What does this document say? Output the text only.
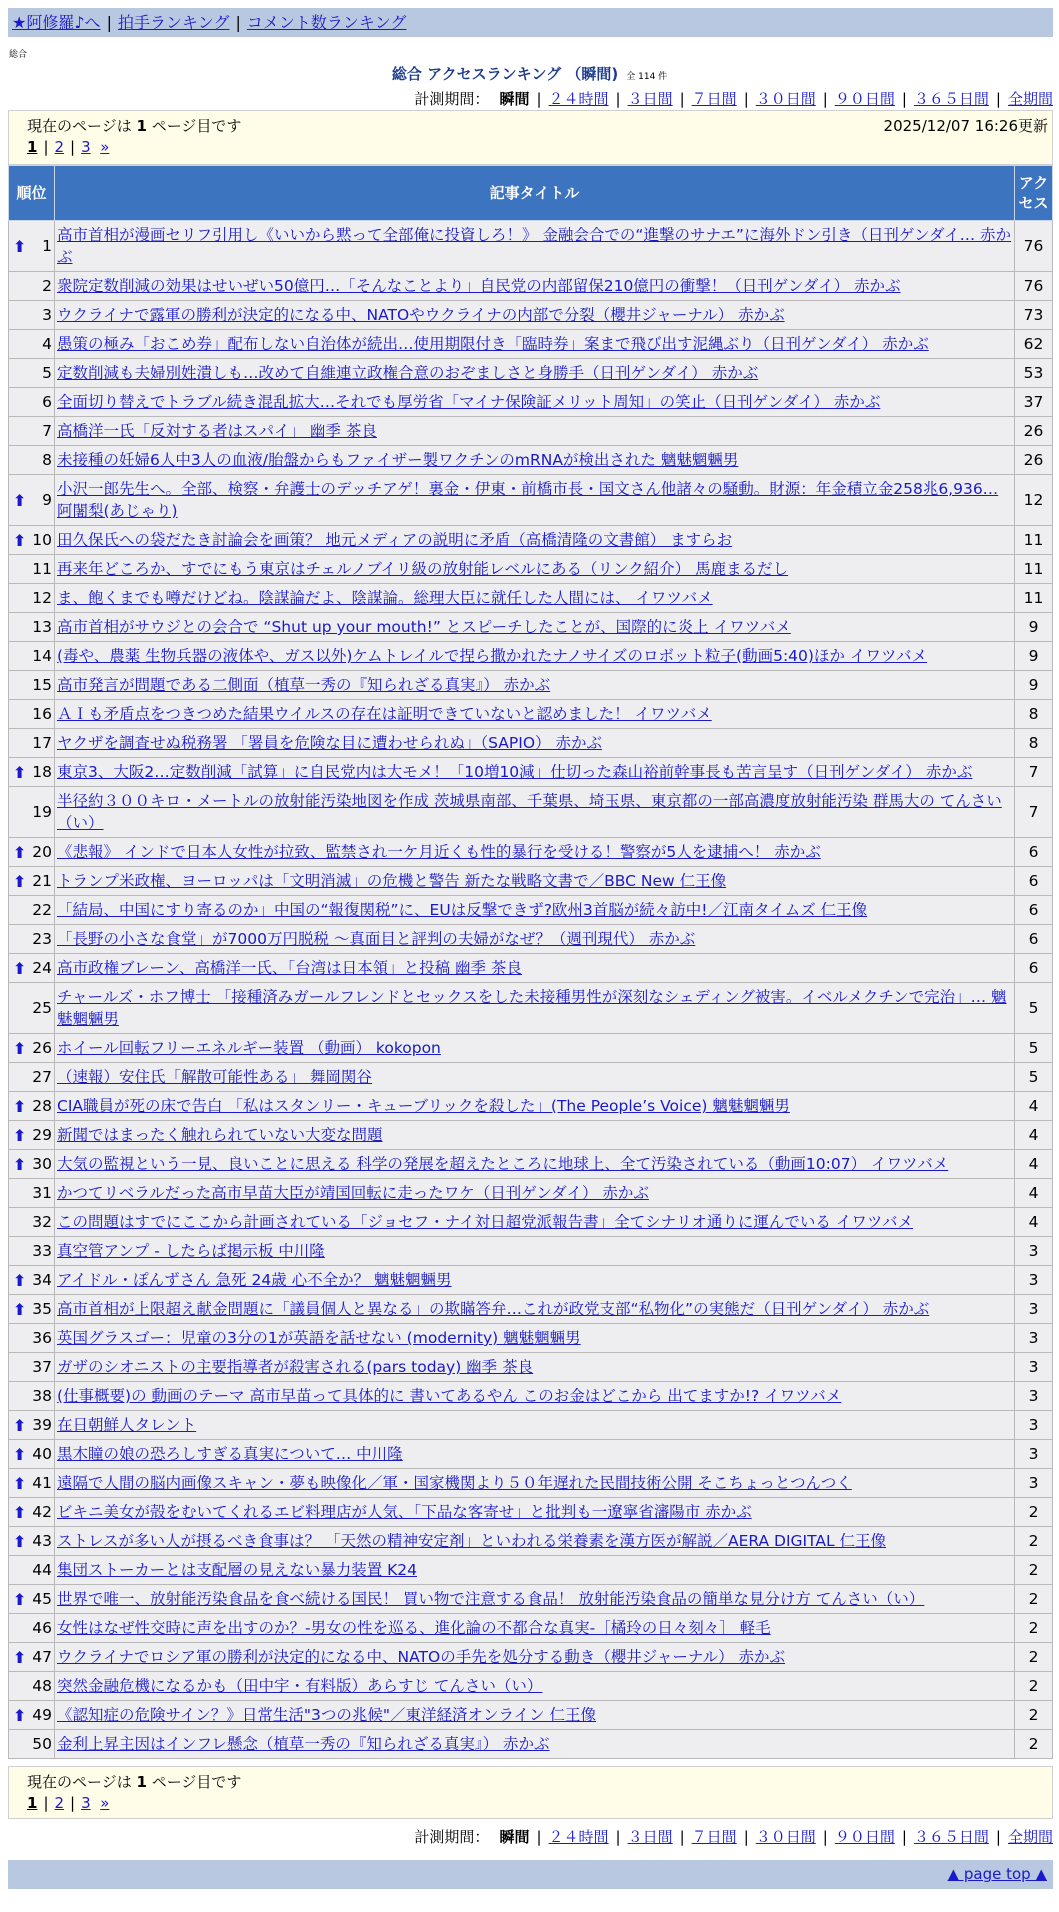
★阿修羅♪へ | 拍手ランキング | コメント数ランキング
総合
総合 アクセスランキング （瞬間) 全 114 件
計測期間： 瞬間 | ２４時間 | ３日間 | ７日間 | ３０日間 | ９０日間 | ３６５日間 | 全期間
現在のページは 1 ページ目です	2025/12/07 16:26更新
1 | 2 | 3 »
順位	記事タイトル	アクセス

⬆ 1	高市首相が漫画セリフ引用し《いいから黙って全部俺に投資しろ！》 金融会合での“進撃のサナエ”に海外ドン引き（日刊ゲンダイ… 赤かぶ	76
2	衆院定数削減の効果はせいぜい50億円…「そんなことより」自民党の内部留保210億円の衝撃！（日刊ゲンダイ） 赤かぶ	76
3	ウクライナで露軍の勝利が決定的になる中、NATOやウクライナの内部で分裂（櫻井ジャーナル） 赤かぶ	73
4	愚策の極み「おこめ券」配布しない自治体が続出…使用期限付き「臨時券」案まで飛び出す泥縄ぶり（日刊ゲンダイ） 赤かぶ	62
5	定数削減も夫婦別姓潰しも…改めて自維連立政権合意のおぞましさと身勝手（日刊ゲンダイ） 赤かぶ	53
6	全面切り替えでトラブル続き混乱拡大…それでも厚労省「マイナ保険証メリット周知」の笑止（日刊ゲンダイ） 赤かぶ	37
7	高橋洋一氏「反対する者はスパイ」 幽季 茶良	26
8	未接種の妊婦6人中3人の血液/胎盤からもファイザー製ワクチンのmRNAが検出された 魑魅魍魎男	26

⬆ 9	小沢一郎先生へ。全部、検察・弁護士のデッチアゲ！裏金・伊東・前橋市長・国文さん他諸々の騒動。財源：年金積立金258兆6,936… 阿闍梨(あじゃり)	12

⬆ 10	田久保氏への袋だたき討論会を画策？ 地元メディアの説明に矛盾（高橋清隆の文書館） ますらお	11
11	再来年どころか、すでにもう東京はチェルノブイリ級の放射能レベルにある（リンク紹介） 馬鹿まるだし	11
12	ま、飽くまでも噂だけどね。陰謀論だよ、陰謀論。総理大臣に就任した人間には、 イワツバメ	11
13	高市首相がサウジとの会合で “Shut up your mouth!” とスピーチしたことが、国際的に炎上 イワツバメ	9
14	(毒や、農薬 生物兵器の液体や、ガス以外)ケムトレイルで捏ら撒かれたナノサイズのロボット粒子(動画5:40)ほか イワツバメ	9
15	高市発言が問題である二側面（植草一秀の『知られざる真実』） 赤かぶ	9
16	ＡＩも矛盾点をつきつめた結果ウイルスの存在は証明できていないと認めました！ イワツバメ	8
17	ヤクザを調査せぬ税務署 「署員を危険な目に遭わせられぬ」（SAPIO） 赤かぶ	8

⬆ 18	東京3、大阪2…定数削減「試算」に自民党内は大モメ！「10増10減」仕切った森山裕前幹事長も苦言呈す（日刊ゲンダイ） 赤かぶ	7
19	半径約３００キロ・メートルの放射能汚染地図を作成 茨城県南部、千葉県、埼玉県、東京都の一部高濃度放射能汚染 群馬大の てんさい（い）	7

⬆ 20	《悲報》 インドで日本人女性が拉致、監禁され一ケ月近くも性的暴行を受ける！警察が5人を逮捕へ！ 赤かぶ	6

⬆ 21	トランプ米政権、ヨーロッパは「文明消滅」の危機と警告 新たな戦略文書で／BBC New 仁王像	6
22	「結局、中国にすり寄るのか」中国の“報復関税”に、EUは反撃できず?欧州3首脳が続々訪中!／江南タイムズ 仁王像	6
23	「長野の小さな食堂」が7000万円脱税 ～真面目と評判の夫婦がなぜ？（週刊現代） 赤かぶ	6

⬆ 24	高市政権ブレーン、高橋洋一氏、「台湾は日本領」と投稿 幽季 茶良	6
25	チャールズ・ホフ博士 「接種済みガールフレンドとセックスをした未接種男性が深刻なシェディング被害。イベルメクチンで完治」… 魑魅魍魎男	5

⬆ 26	ホイール回転フリーエネルギー装置 （動画） kokopon	5
27	（速報）安住氏「解散可能性ある」 舞岡関谷	5

⬆ 28	CIA職員が死の床で告白 「私はスタンリー・キューブリックを殺した」(The People’s Voice) 魑魅魍魎男	4

⬆ 29	新聞ではまったく触れられていない大変な問題	4

⬆ 30	大気の監視という一見、良いことに思える 科学の発展を超えたところに地球上、全て汚染されている（動画10:07） イワツバメ	4
31	かつてリベラルだった高市早苗大臣が靖国回転に走ったワケ（日刊ゲンダイ） 赤かぶ	4
32	この問題はすでにここから計画されている「ジョセフ・ナイ対日超党派報告書」全てシナリオ通りに運んでいる イワツバメ	4
33	真空管アンプ - したらば掲示板 中川隆	3

⬆ 34	アイドル・ぽんずさん 急死 24歳 心不全か？ 魑魅魍魎男	3

⬆ 35	高市首相が上限超え献金問題に「議員個人と異なる」の欺瞞答弁…これが政党支部“私物化”の実態だ（日刊ゲンダイ） 赤かぶ	3
36	英国グラスゴー：児童の3分の1が英語を話せない (modernity) 魑魅魍魎男	3
37	ガザのシオニストの主要指導者が殺害される(pars today) 幽季 茶良	3
38	(仕事概要)の 動画のテーマ 高市早苗って具体的に 書いてあるやん このお金はどこから 出てますか!? イワツバメ	3

⬆ 39	在日朝鮮人タレント	3

⬆ 40	黒木瞳の娘の恐ろしすぎる真実について… 中川隆	3

⬆ 41	遠隔で人間の脳内画像スキャン・夢も映像化／軍・国家機関より５０年遅れた民間技術公開 そこちょっとつんつく	3

⬆ 42	ビキニ美女が殻をむいてくれるエビ料理店が人気、「下品な客寄せ」と批判も一遼寧省瀋陽市 赤かぶ	2

⬆ 43	ストレスが多い人が摂るべき食事は？ 「天然の精神安定剤」といわれる栄養素を漢方医が解説／AERA DIGITAL 仁王像	2
44	集団ストーカーとは支配層の見えない暴力装置 K24	2

⬆ 45	世界で唯一、放射能汚染食品を食べ続ける国民！ 買い物で注意する食品！ 放射能汚染食品の簡単な見分け方 てんさい（い）	2
46	女性はなぜ性交時に声を出すのか？-男女の性を巡る、進化論の不都合な真実-［橘玲の日々刻々］ 軽毛	2

⬆ 47	ウクライナでロシア軍の勝利が決定的になる中、NATOの手先を処分する動き（櫻井ジャーナル） 赤かぶ	2
48	突然金融危機になるかも（田中宇・有料版）あらすじ てんさい（い）	2

⬆ 49	《認知症の危険サイン？》日常生活"3つの兆候"／東洋経済オンライン 仁王像	2
50	金利上昇主因はインフレ懸念（植草一秀の『知られざる真実』） 赤かぶ	2
現在のページは 1 ページ目です
1 | 2 | 3 »
計測期間： 瞬間 | ２４時間 | ３日間 | ７日間 | ３０日間 | ９０日間 | ３６５日間 | 全期間
▲ page top ▲
